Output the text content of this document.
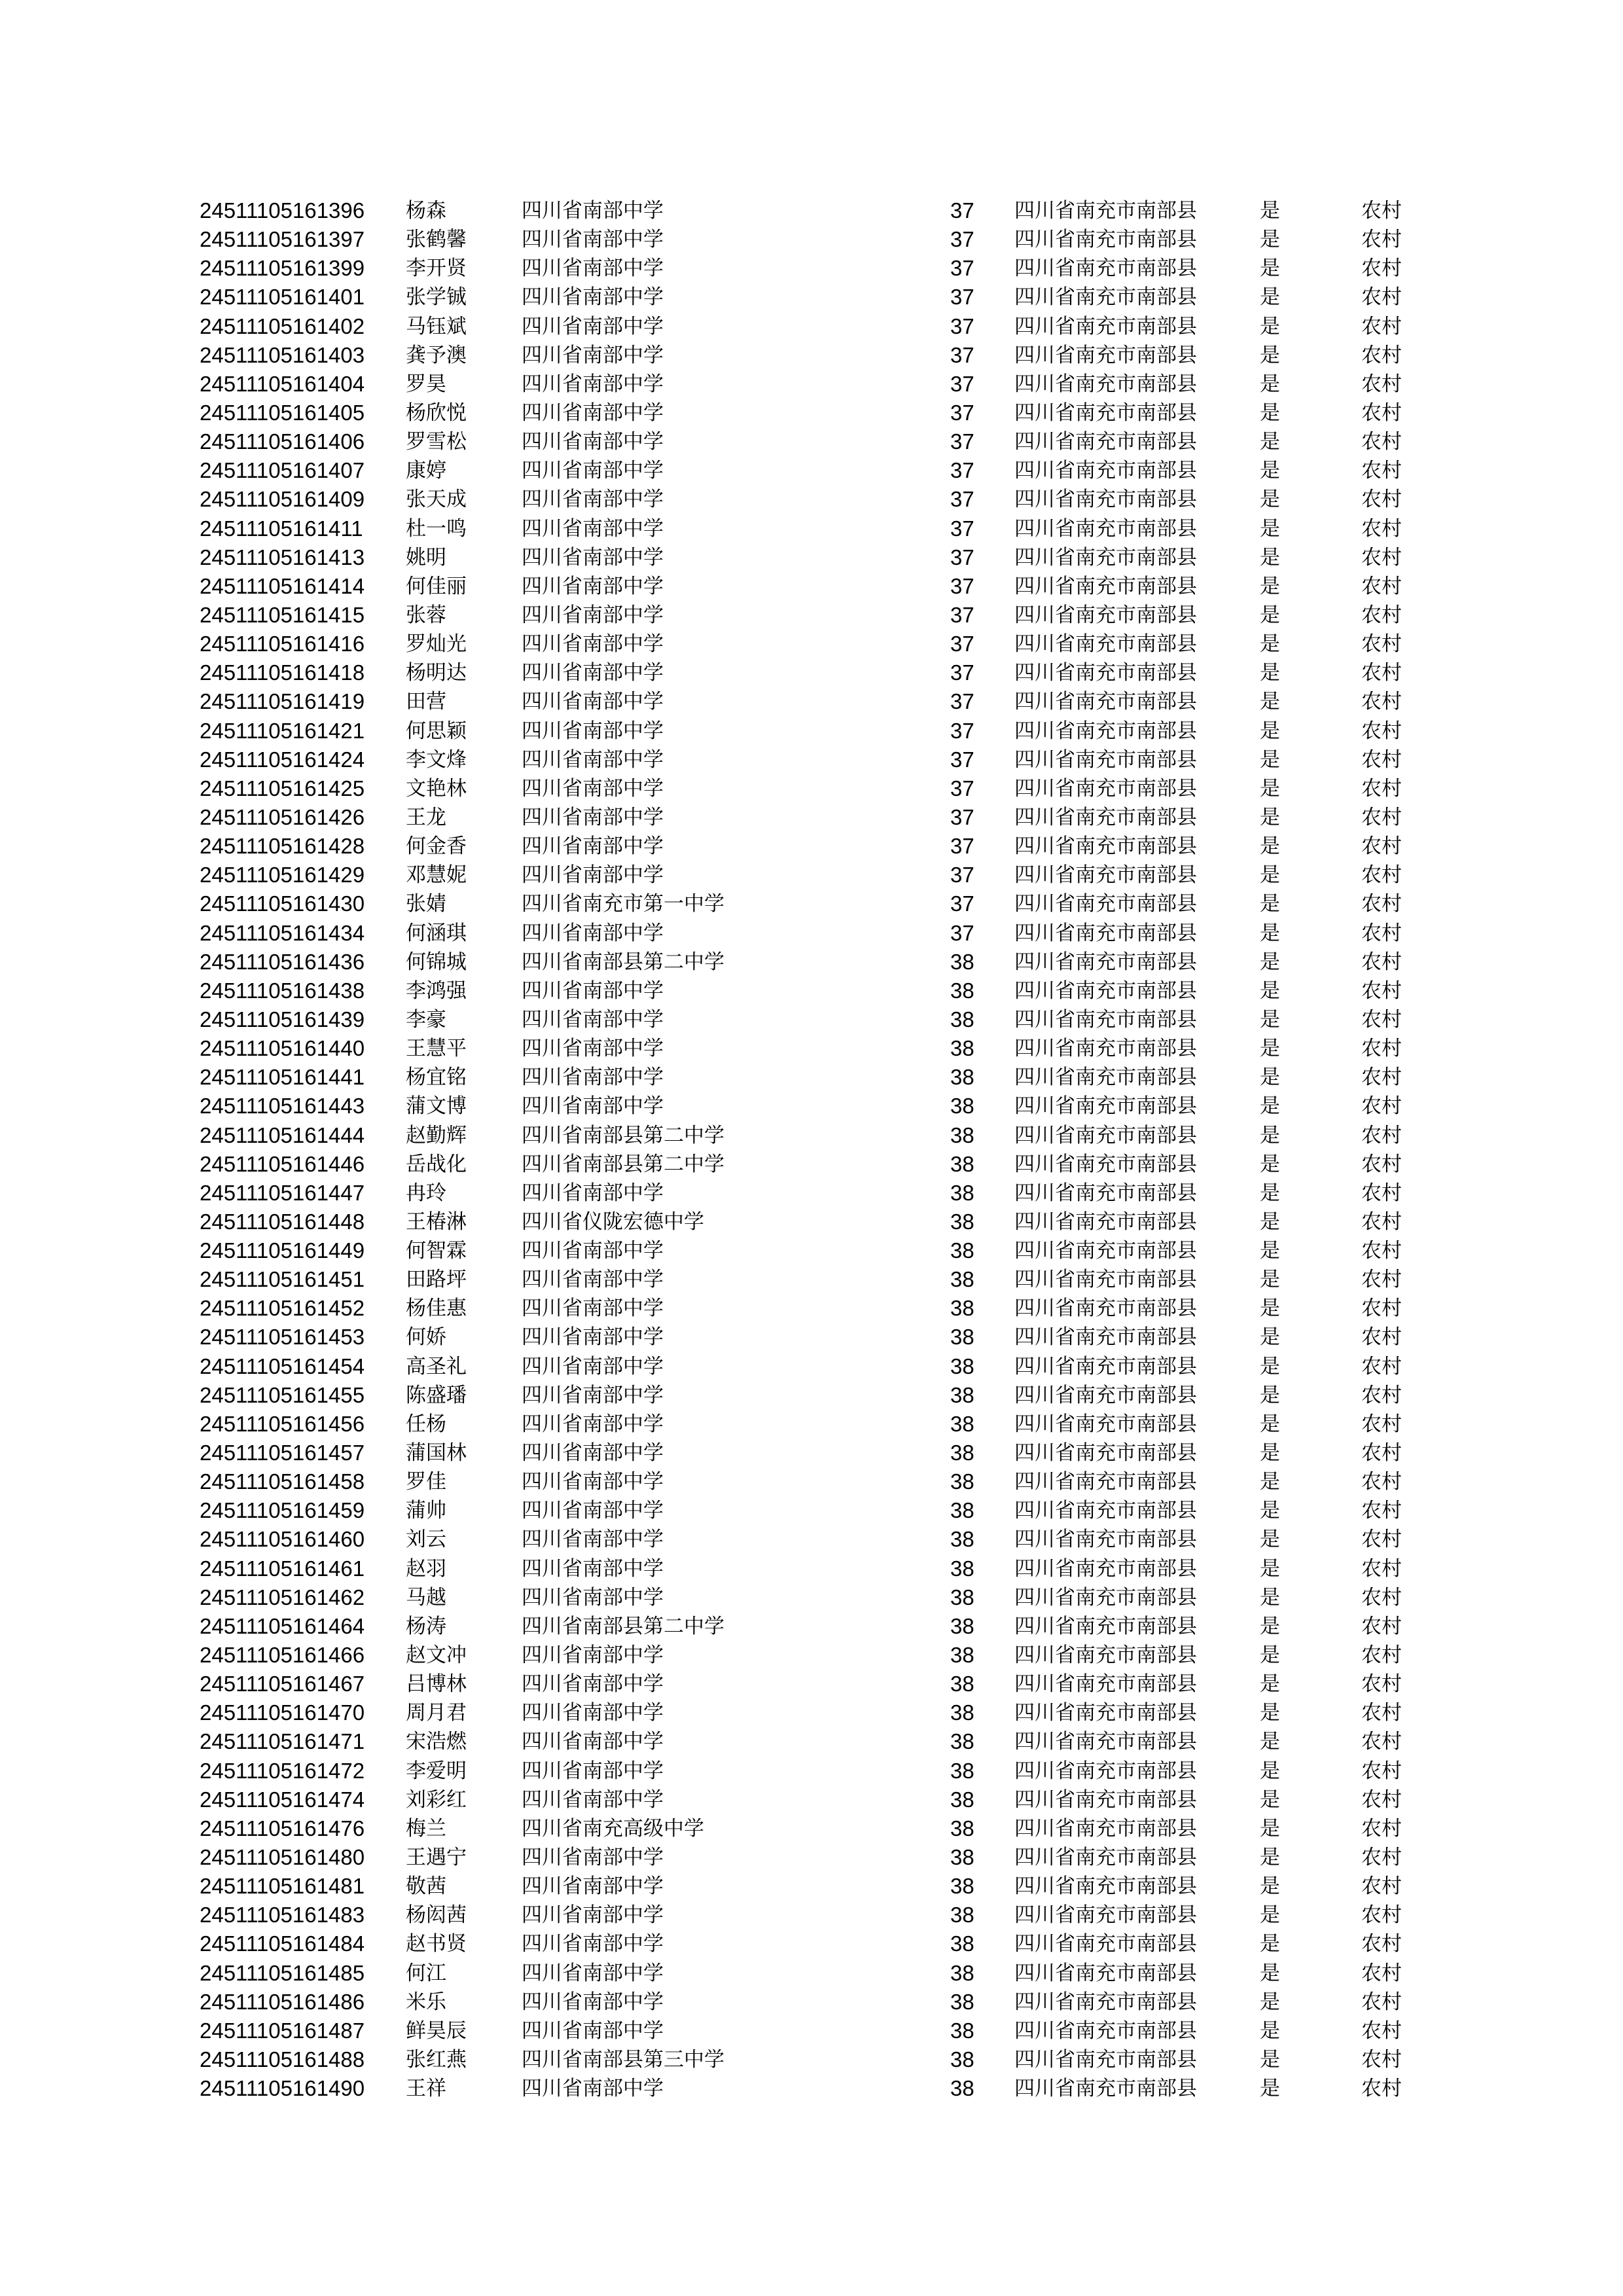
24511105161396 杨森	四川省南部中学	37 四川省南充市南部县	是	农村
24511105161397 张鹤馨	四川省南部中学	37 四川省南充市南部县	是	农村
24511105161399 李开贤	四川省南部中学	37 四川省南充市南部县	是	农村
24511105161401 张学铖	四川省南部中学	37 四川省南充市南部县	是	农村
24511105161402 马钰斌	四川省南部中学	37 四川省南充市南部县	是	农村
24511105161403 龚予澳	四川省南部中学	37 四川省南充市南部县	是	农村
24511105161404 罗昊	四川省南部中学	37 四川省南充市南部县	是	农村
24511105161405 杨欣悦	四川省南部中学	37 四川省南充市南部县	是	农村
24511105161406 罗雪松	四川省南部中学	37 四川省南充市南部县	是	农村
24511105161407 康婷	四川省南部中学	37 四川省南充市南部县	是	农村
24511105161409 张天成	四川省南部中学	37 四川省南充市南部县	是	农村
24511105161411 杜一鸣	四川省南部中学	37 四川省南充市南部县	是	农村
24511105161413 姚明	四川省南部中学	37 四川省南充市南部县	是	农村
24511105161414 何佳丽	四川省南部中学	37 四川省南充市南部县	是	农村
24511105161415 张蓉	四川省南部中学	37 四川省南充市南部县	是	农村
24511105161416 罗灿光	四川省南部中学	37 四川省南充市南部县	是	农村
24511105161418 杨明达	四川省南部中学	37 四川省南充市南部县	是	农村
24511105161419 田营	四川省南部中学	37 四川省南充市南部县	是	农村
24511105161421 何思颖	四川省南部中学	37 四川省南充市南部县	是	农村
24511105161424 李文烽	四川省南部中学	37 四川省南充市南部县	是	农村
24511105161425 文艳林	四川省南部中学	37 四川省南充市南部县	是	农村
24511105161426 王龙	四川省南部中学	37 四川省南充市南部县	是	农村
24511105161428 何金香	四川省南部中学	37 四川省南充市南部县	是	农村
24511105161429 邓慧妮	四川省南部中学	37 四川省南充市南部县	是	农村
24511105161430 张婧	四川省南充市第一中学	37 四川省南充市南部县	是	农村
24511105161434 何涵琪	四川省南部中学	37 四川省南充市南部县	是	农村
24511105161436 何锦城	四川省南部县第二中学	38 四川省南充市南部县	是	农村
24511105161438 李鸿强	四川省南部中学	38 四川省南充市南部县	是	农村
24511105161439 李豪	四川省南部中学	38 四川省南充市南部县	是	农村
24511105161440 王慧平	四川省南部中学	38 四川省南充市南部县	是	农村
24511105161441 杨宜铭	四川省南部中学	38 四川省南充市南部县	是	农村
24511105161443 蒲文博	四川省南部中学	38 四川省南充市南部县	是	农村
24511105161444 赵勤辉	四川省南部县第二中学	38 四川省南充市南部县	是	农村
24511105161446 岳战化	四川省南部县第二中学	38 四川省南充市南部县	是	农村
24511105161447 冉玲	四川省南部中学	38 四川省南充市南部县	是	农村
24511105161448 王椿淋	四川省仪陇宏德中学	38 四川省南充市南部县	是	农村
24511105161449 何智霖	四川省南部中学	38 四川省南充市南部县	是	农村
24511105161451 田路坪	四川省南部中学	38 四川省南充市南部县	是	农村
24511105161452 杨佳惠	四川省南部中学	38 四川省南充市南部县	是	农村
24511105161453 何娇	四川省南部中学	38 四川省南充市南部县	是	农村
24511105161454 高圣礼	四川省南部中学	38 四川省南充市南部县	是	农村
24511105161455 陈盛璠	四川省南部中学	38 四川省南充市南部县	是	农村
24511105161456 任杨	四川省南部中学	38 四川省南充市南部县	是	农村
24511105161457 蒲国林	四川省南部中学	38 四川省南充市南部县	是	农村
24511105161458 罗佳	四川省南部中学	38 四川省南充市南部县	是	农村
24511105161459 蒲帅	四川省南部中学	38 四川省南充市南部县	是	农村
24511105161460 刘云	四川省南部中学	38 四川省南充市南部县	是	农村
24511105161461 赵羽	四川省南部中学	38 四川省南充市南部县	是	农村
24511105161462 马越	四川省南部中学	38 四川省南充市南部县	是	农村
24511105161464 杨涛	四川省南部县第二中学	38 四川省南充市南部县	是	农村
24511105161466 赵文冲	四川省南部中学	38 四川省南充市南部县	是	农村
24511105161467 吕博林	四川省南部中学	38 四川省南充市南部县	是	农村
24511105161470 周月君	四川省南部中学	38 四川省南充市南部县	是	农村
24511105161471 宋浩燃	四川省南部中学	38 四川省南充市南部县	是	农村
24511105161472 李爱明	四川省南部中学	38 四川省南充市南部县	是	农村
24511105161474 刘彩红	四川省南部中学	38 四川省南充市南部县	是	农村
24511105161476 梅兰	四川省南充高级中学	38 四川省南充市南部县	是	农村
24511105161480 王遇宁	四川省南部中学	38 四川省南充市南部县	是	农村
24511105161481 敬茜	四川省南部中学	38 四川省南充市南部县	是	农村
24511105161483 杨闳茜	四川省南部中学	38 四川省南充市南部县	是	农村
24511105161484 赵书贤	四川省南部中学	38 四川省南充市南部县	是	农村
24511105161485 何江	四川省南部中学	38 四川省南充市南部县	是	农村
24511105161486 米乐	四川省南部中学	38 四川省南充市南部县	是	农村
24511105161487 鲜昊辰	四川省南部中学	38 四川省南充市南部县	是	农村
24511105161488 张红燕	四川省南部县第三中学	38 四川省南充市南部县	是	农村
24511105161490 王祥	四川省南部中学	38 四川省南充市南部县	是	农村
